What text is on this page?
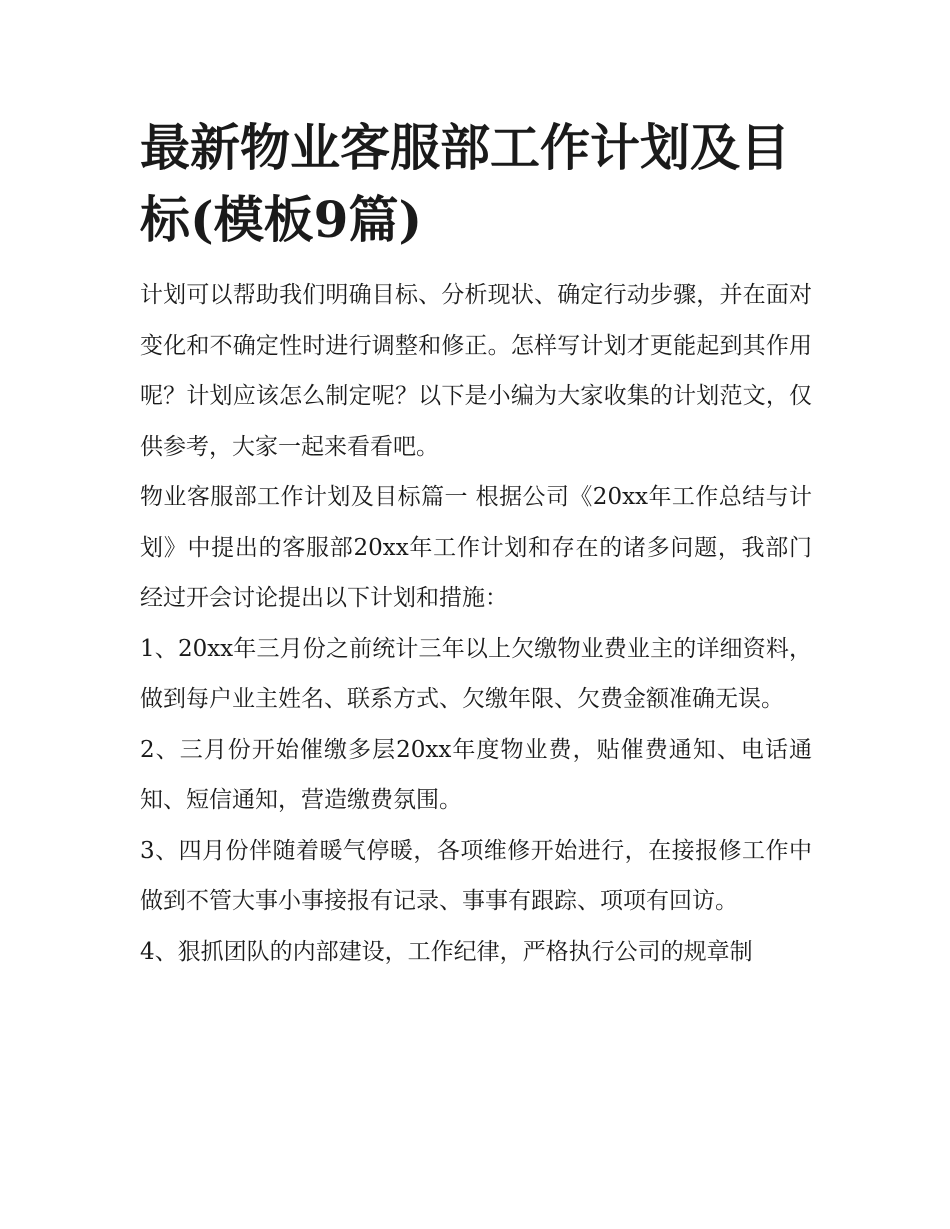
最新物业客服部工作计划及目标(模板9篇)

计划可以帮助我们明确目标、分析现状、确定行动步骤，并在面对变化和不确定性时进行调整和修正。怎样写计划才更能起到其作用呢？计划应该怎么制定呢？以下是小编为大家收集的计划范文，仅供参考，大家一起来看看吧。

物业客服部工作计划及目标篇一 根据公司《20xx年工作总结与计划》中提出的客服部20xx年工作计划和存在的诸多问题，我部门经过开会讨论提出以下计划和措施：

1、20xx年三月份之前统计三年以上欠缴物业费业主的详细资料，做到每户业主姓名、联系方式、欠缴年限、欠费金额准确无误。

2、三月份开始催缴多层20xx年度物业费，贴催费通知、电话通知、短信通知，营造缴费氛围。

3、四月份伴随着暖气停暖，各项维修开始进行，在接报修工作中做到不管大事小事接报有记录、事事有跟踪、项项有回访。

4、狠抓团队的内部建设，工作纪律，严格执行公司的规章制
